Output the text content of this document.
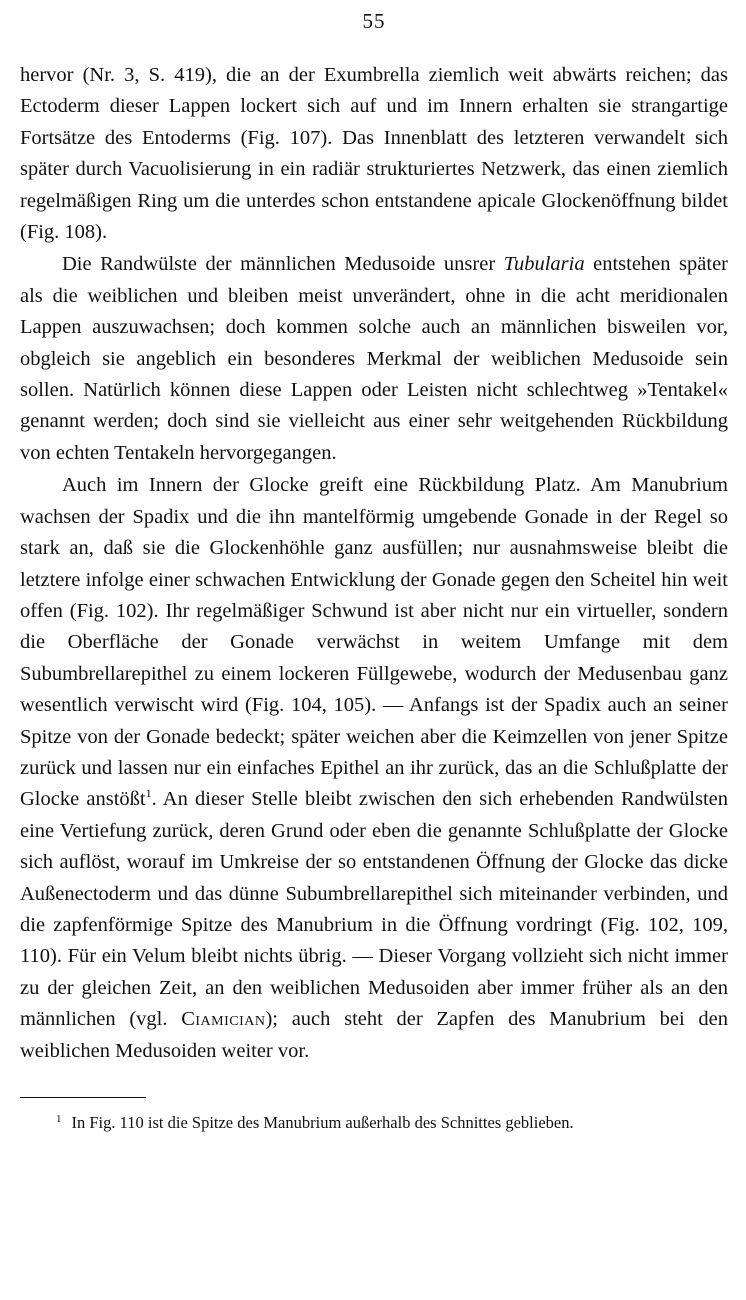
55

hervor (Nr. 3, S. 419), die an der Exumbrella ziemlich weit abwärts reichen; das Ectoderm dieser Lappen lockert sich auf und im Innern erhalten sie strangartige Fortsätze des Entoderms (Fig. 107). Das Innenblatt des letzteren verwandelt sich später durch Vacuolisierung in ein radiär strukturiertes Netzwerk, das einen ziemlich regelmäßigen Ring um die unterdes schon entstandene apicale Glockenöffnung bildet (Fig. 108).

Die Randwülste der männlichen Medusoide unsrer Tubularia entstehen später als die weiblichen und bleiben meist unverändert, ohne in die acht meridionalen Lappen auszuwachsen; doch kommen solche auch an männlichen bisweilen vor, obgleich sie angeblich ein besonderes Merkmal der weiblichen Medusoide sein sollen. Natürlich können diese Lappen oder Leisten nicht schlechtweg »Tentakel« genannt werden; doch sind sie vielleicht aus einer sehr weitgehenden Rückbildung von echten Tentakeln hervorgegangen.

Auch im Innern der Glocke greift eine Rückbildung Platz. Am Manubrium wachsen der Spadix und die ihn mantelförmig umgebende Gonade in der Regel so stark an, daß sie die Glockenhöhle ganz ausfüllen; nur ausnahmsweise bleibt die letztere infolge einer schwachen Entwicklung der Gonade gegen den Scheitel hin weit offen (Fig. 102). Ihr regelmäßiger Schwund ist aber nicht nur ein virtueller, sondern die Oberfläche der Gonade verwächst in weitem Umfange mit dem Subumbrellarepithel zu einem lockeren Füllgewebe, wodurch der Medusenbau ganz wesentlich verwischt wird (Fig. 104, 105). — Anfangs ist der Spadix auch an seiner Spitze von der Gonade bedeckt; später weichen aber die Keimzellen von jener Spitze zurück und lassen nur ein einfaches Epithel an ihr zurück, das an die Schlußplatte der Glocke anstößt$^1$. An dieser Stelle bleibt zwischen den sich erhebenden Randwülsten eine Vertiefung zurück, deren Grund oder eben die genannte Schlußplatte der Glocke sich auflöst, worauf im Umkreise der so entstandenen Öffnung der Glocke das dicke Außenectoderm und das dünne Subumbrellarepithel sich miteinander verbinden, und die zapfenförmige Spitze des Manubrium in die Öffnung vordringt (Fig. 102, 109, 110). Für ein Velum bleibt nichts übrig. — Dieser Vorgang vollzieht sich nicht immer zu der gleichen Zeit, an den weiblichen Medusoiden aber immer früher als an den männlichen (vgl. Ciamician); auch steht der Zapfen des Manubrium bei den weiblichen Medusoiden weiter vor.

$^1$ In Fig. 110 ist die Spitze des Manubrium außerhalb des Schnittes geblieben.
